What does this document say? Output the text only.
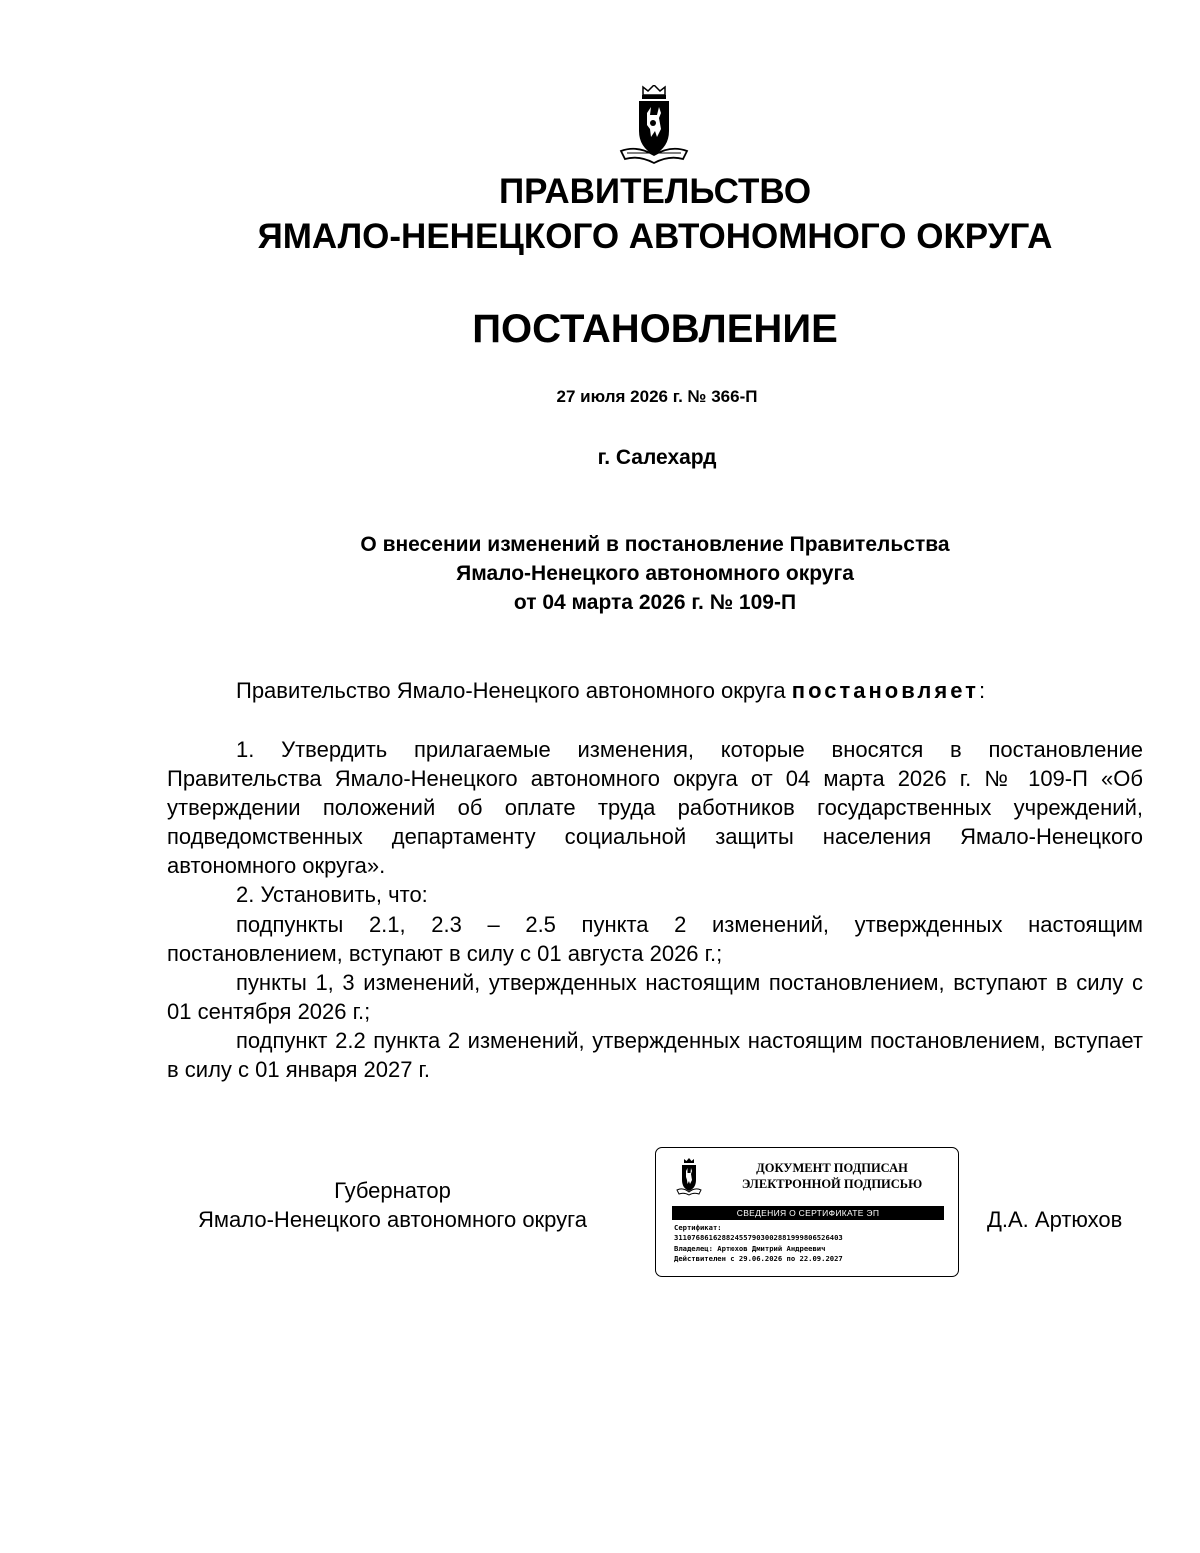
ПРАВИТЕЛЬСТВО
ЯМАЛО-НЕНЕЦКОГО АВТОНОМНОГО ОКРУГА
ПОСТАНОВЛЕНИЕ
27 июля 2026 г. № 366-П
г. Салехард
О внесении изменений в постановление Правительства
Ямало-Ненецкого автономного округа
от 04 марта 2026 г. № 109-П
Правительство Ямало-Ненецкого автономного округа постановляет:

1. Утвердить прилагаемые изменения, которые вносятся в постановление Правительства Ямало-Ненецкого автономного округа от 04 марта 2026 г. № 109-П «Об утверждении положений об оплате труда работников государственных учреждений, подведомственных департаменту социальной защиты населения Ямало-Ненецкого автономного округа».

2. Установить, что:

подпункты 2.1, 2.3 – 2.5 пункта 2 изменений, утвержденных настоящим постановлением, вступают в силу с 01 августа 2026 г.;

пункты 1, 3 изменений, утвержденных настоящим постановлением, вступают в силу с 01 сентября 2026 г.;

подпункт 2.2 пункта 2 изменений, утвержденных настоящим постановлением, вступает в силу с 01 января 2027 г.

Губернатор
Ямало-Ненецкого автономного округа	Д.А. Артюхов
ДОКУМЕНТ ПОДПИСАН
ЭЛЕКТРОННОЙ ПОДПИСЬЮ
СВЕДЕНИЯ О СЕРТИФИКАТЕ ЭП
Сертификат:
311076861628824557903002881999806526403
Владелец: Артюхов Дмитрий Андреевич
Действителен с 29.06.2026 по 22.09.2027
